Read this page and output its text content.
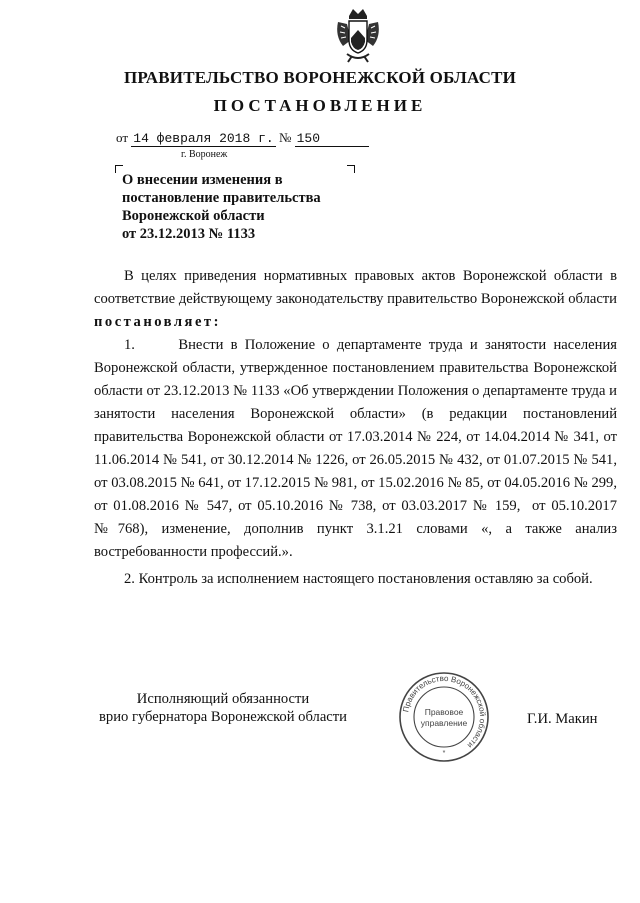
ПРАВИТЕЛЬСТВО ВОРОНЕЖСКОЙ ОБЛАСТИ
ПОСТАНОВЛЕНИЕ
от 14 февраля 2018 г. № 150
г. Воронеж
О внесении изменения в
постановление правительства
Воронежской области
от 23.12.2013 № 1133

В целях приведения нормативных правовых актов Воронежской области в соответствие действующему законодательству правительство Воронежской области постановляет:

1.      Внести в Положение о департаменте труда и занятости населения Воронежской области, утвержденное постановлением правительства Воронежской области от 23.12.2013 № 1133 «Об утверждении Положения о департаменте труда и занятости населения Воронежской области» (в редакции постановлений правительства Воронежской области от 17.03.2014 № 224, от 14.04.2014 № 341, от 11.06.2014 № 541, от 30.12.2014 № 1226, от 26.05.2015 № 432, от 01.07.2015 № 541, от 03.08.2015 № 641, от 17.12.2015 № 981, от 15.02.2016 № 85, от 04.05.2016 № 299, от 01.08.2016 № 547, от 05.10.2016 № 738, от 03.03.2017 № 159,  от 05.10.2017 №768), изменение, дополнив пункт 3.1.21 словами «, а также анализ востребованности профессий.».

2. Контроль за исполнением настоящего постановления оставляю за собой.

Исполняющий обязанности
врио губернатора Воронежской области	Правительство Воронежской области
Правовое
управление
*
Г.И. Макин
